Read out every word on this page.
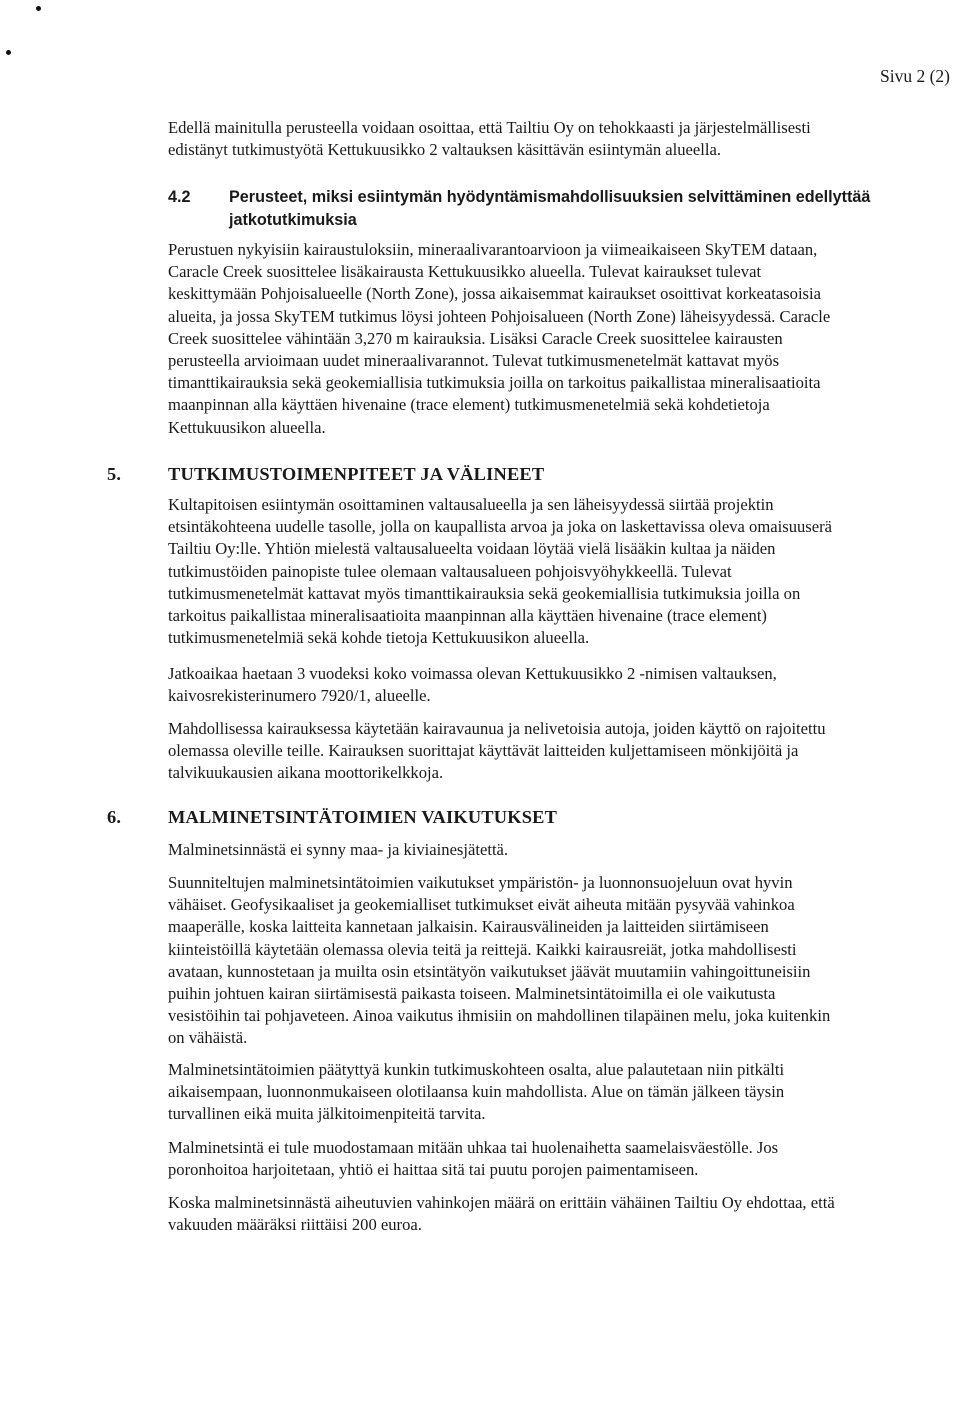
Sivu 2 (2)

Edellä mainitulla perusteella voidaan osoittaa, että Tailtiu Oy on tehokkaasti ja järjestelmällisesti
edistänyt tutkimustyötä Kettukuusikko 2 valtauksen käsittävän esiintymän alueella.

4.2 Perusteet, miksi esiintymän hyödyntämismahdollisuuksien selvittäminen edellyttää
jatkotutkimuksia

Perustuen nykyisiin kairaustuloksiin, mineraalivarantoarvioon ja viimeaikaiseen SkyTEM dataan,
Caracle Creek suosittelee lisäkairausta Kettukuusikko alueella. Tulevat kairaukset tulevat
keskittymään Pohjoisalueelle (North Zone), jossa aikaisemmat kairaukset osoittivat korkeatasoisia
alueita, ja jossa SkyTEM tutkimus löysi johteen Pohjoisalueen (North Zone) läheisyydessä. Caracle
Creek suosittelee vähintään 3,270 m kairauksia. Lisäksi Caracle Creek suosittelee kairausten
perusteella arvioimaan uudet mineraalivarannot. Tulevat tutkimusmenetelmät kattavat myös
timanttikairauksia sekä geokemiallisia tutkimuksia joilla on tarkoitus paikallistaa mineralisaatioita
maanpinnan alla käyttäen hivenaine (trace element) tutkimusmenetelmiä sekä kohdetietoja
Kettukuusikon alueella.

5.	TUTKIMUSTOIMENPITEET JA VÄLINEET

Kultapitoisen esiintymän osoittaminen valtausalueella ja sen läheisyydessä siirtää projektin
etsintäkohteena uudelle tasolle, jolla on kaupallista arvoa ja joka on laskettavissa oleva omaisuuserä
Tailtiu Oy:lle. Yhtiön mielestä valtausalueelta voidaan löytää vielä lisääkin kultaa ja näiden
tutkimustöiden painopiste tulee olemaan valtausalueen pohjoisvyöhykkeellä. Tulevat
tutkimusmenetelmät kattavat myös timanttikairauksia sekä geokemiallisia tutkimuksia joilla on
tarkoitus paikallistaa mineralisaatioita maanpinnan alla käyttäen hivenaine (trace element)
tutkimusmenetelmiä sekä kohde tietoja Kettukuusikon alueella.

Jatkoaikaa haetaan 3 vuodeksi koko voimassa olevan Kettukuusikko 2 -nimisen valtauksen,
kaivosrekisterinumero 7920/1, alueelle.

Mahdollisessa kairauksessa käytetään kairavaunua ja nelivetoisia autoja, joiden käyttö on rajoitettu
olemassa oleville teille. Kairauksen suorittajat käyttävät laitteiden kuljettamiseen mönkijöitä ja
talvikuukausien aikana moottorikelkkoja.

6.	MALMINETSINTÄTOIMIEN VAIKUTUKSET

Malminetsinnästä ei synny maa- ja kiviainesjätettä.

Suunniteltujen malminetsintätoimien vaikutukset ympäristön- ja luonnonsuojeluun ovat hyvin
vähäiset. Geofysikaaliset ja geokemialliset tutkimukset eivät aiheuta mitään pysyvää vahinkoa
maaperälle, koska laitteita kannetaan jalkaisin. Kairausvälineiden ja laitteiden siirtämiseen
kiinteistöillä käytetään olemassa olevia teitä ja reittejä. Kaikki kairausreiät, jotka mahdollisesti
avataan, kunnostetaan ja muilta osin etsintätyön vaikutukset jäävät muutamiin vahingoittuneisiin
puihin johtuen kairan siirtämisestä paikasta toiseen. Malminetsintätoimilla ei ole vaikutusta
vesistöihin tai pohjaveteen. Ainoa vaikutus ihmisiin on mahdollinen tilapäinen melu, joka kuitenkin
on vähäistä.

Malminetsintätoimien päätyttyä kunkin tutkimuskohteen osalta, alue palautetaan niin pitkälti
aikaisempaan, luonnonmukaiseen olotilaansa kuin mahdollista. Alue on tämän jälkeen täysin
turvallinen eikä muita jälkitoimenpiteitä tarvita.

Malminetsintä ei tule muodostamaan mitään uhkaa tai huolenaihetta saamelaisväestölle. Jos
poronhoitoa harjoitetaan, yhtiö ei haittaa sitä tai puutu porojen paimentamiseen.

Koska malminetsinnästä aiheutuvien vahinkojen määrä on erittäin vähäinen Tailtiu Oy ehdottaa, että
vakuuden määräksi riittäisi 200 euroa.
